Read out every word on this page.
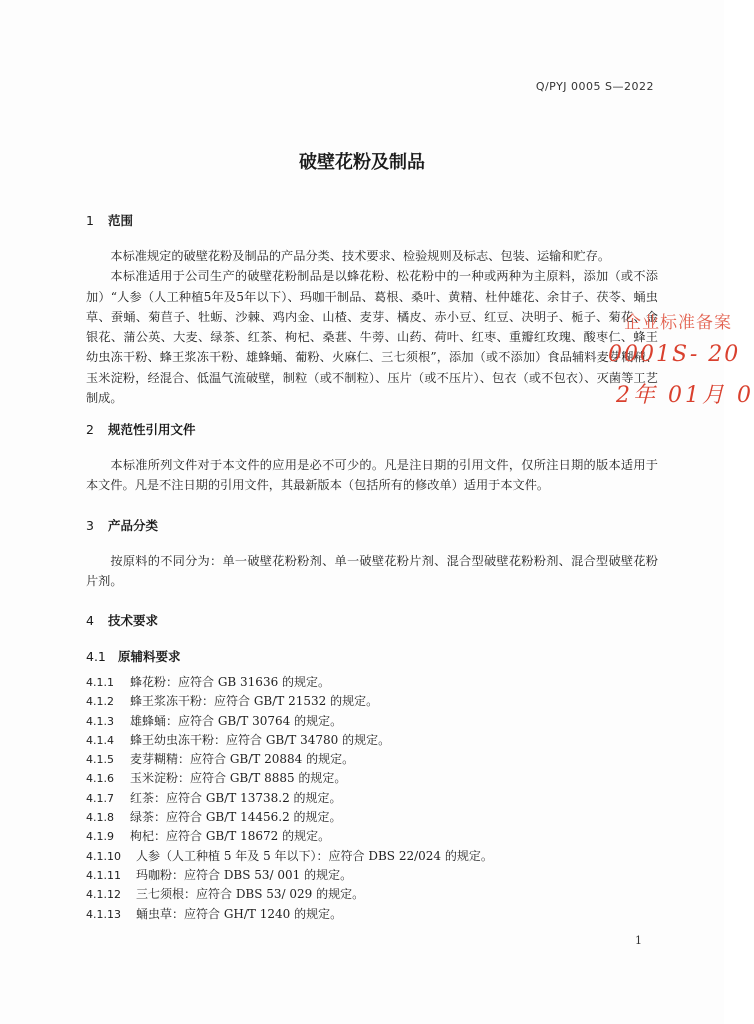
Q/PYJ 0005 S—2022
破壁花粉及制品
1 范围

本标准规定的破壁花粉及制品的产品分类、技术要求、检验规则及标志、包装、运输和贮存。

本标准适用于公司生产的破壁花粉制品是以蜂花粉、松花粉中的一种或两种为主原料，添加（或不添加）“人参（人工种植5年及5年以下）、玛咖干制品、葛根、桑叶、黄精、杜仲雄花、余甘子、茯苓、蛹虫草、蚕蛹、菊苣子、牡蛎、沙棘、鸡内金、山楂、麦芽、橘皮、赤小豆、红豆、决明子、栀子、菊花、金银花、蒲公英、大麦、绿茶、红茶、枸杞、桑葚、牛蒡、山药、荷叶、红枣、重瓣红玫瑰、酸枣仁、蜂王幼虫冻干粉、蜂王浆冻干粉、雄蜂蛹、葡粉、火麻仁、三七须根”，添加（或不添加）食品辅料麦芽糊精、玉米淀粉，经混合、低温气流破壁，制粒（或不制粒）、压片（或不压片）、包衣（或不包衣）、灭菌等工艺制成。

2 规范性引用文件

本标准所列文件对于本文件的应用是必不可少的。凡是注日期的引用文件，仅所注日期的版本适用于本文件。凡是不注日期的引用文件，其最新版本（包括所有的修改单）适用于本文件。

3 产品分类

按原料的不同分为：单一破壁花粉粉剂、单一破壁花粉片剂、混合型破壁花粉粉剂、混合型破壁花粉片剂。

4 技术要求
4.1 原辅料要求
4.1.1 蜂花粉：应符合 GB 31636 的规定。
4.1.2 蜂王浆冻干粉：应符合 GB/T 21532 的规定。
4.1.3 雄蜂蛹：应符合 GB/T 30764 的规定。
4.1.4 蜂王幼虫冻干粉：应符合 GB/T 34780 的规定。
4.1.5 麦芽糊精：应符合 GB/T 20884 的规定。
4.1.6 玉米淀粉：应符合 GB/T 8885 的规定。
4.1.7 红茶：应符合 GB/T 13738.2 的规定。
4.1.8 绿茶：应符合 GB/T 14456.2 的规定。
4.1.9 枸杞：应符合 GB/T 18672 的规定。
4.1.10 人参（人工种植 5 年及 5 年以下）：应符合 DBS 22/024 的规定。
4.1.11 玛咖粉：应符合 DBS 53/ 001 的规定。
4.1.12 三七须根：应符合 DBS 53/ 029 的规定。
4.1.13 蛹虫草：应符合 GH/T 1240 的规定。
企业标准备案
0001S- 20
2年 01月 0
1
